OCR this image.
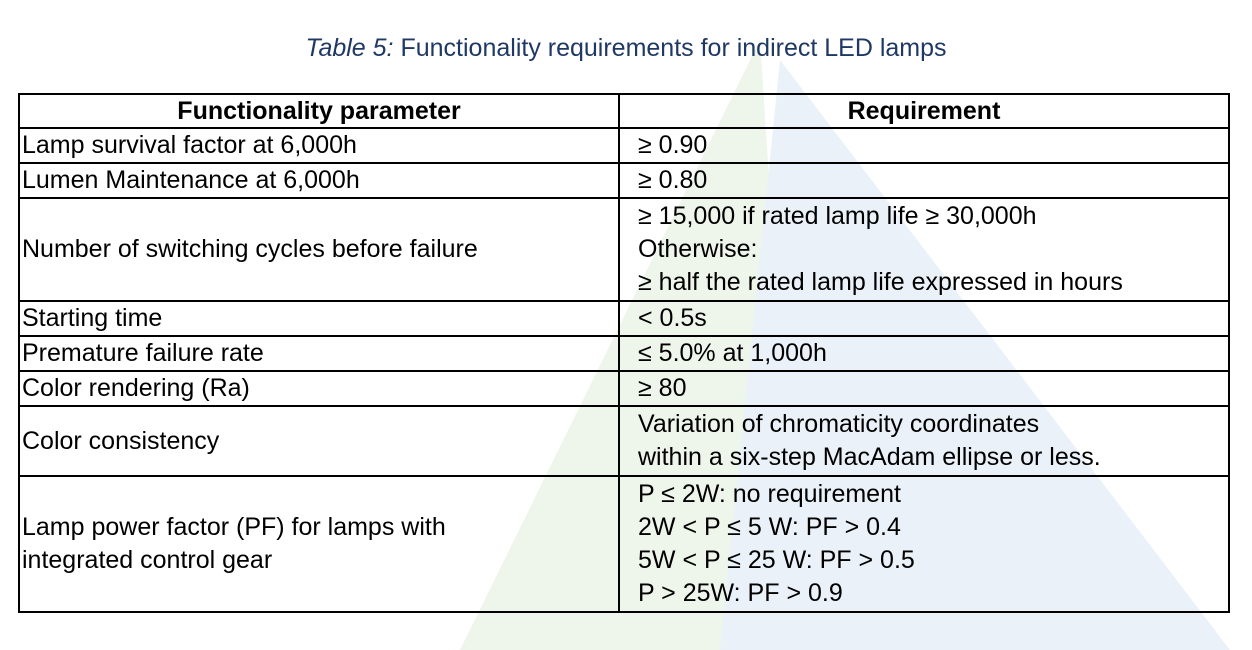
Table 5: Functionality requirements for indirect LED lamps
Functionality parameter	Requirement
Lamp survival factor at 6,000h	≥ 0.90
Lumen Maintenance at 6,000h	≥ 0.80
Number of switching cycles before failure	≥ 15,000 if rated lamp life ≥ 30,000h
Otherwise:
≥ half the rated lamp life expressed in hours

Starting time	< 0.5s
Premature failure rate	≤ 5.0% at 1,000h
Color rendering (Ra)	≥ 80
Color consistency	Variation of chromaticity coordinates
within a six-step MacAdam ellipse or less.

Lamp power factor (PF) for lamps with
integrated control gear	P ≤ 2W: no requirement
2W < P ≤ 5 W: PF > 0.4
5W < P ≤ 25 W: PF > 0.5
P > 25W: PF > 0.9
